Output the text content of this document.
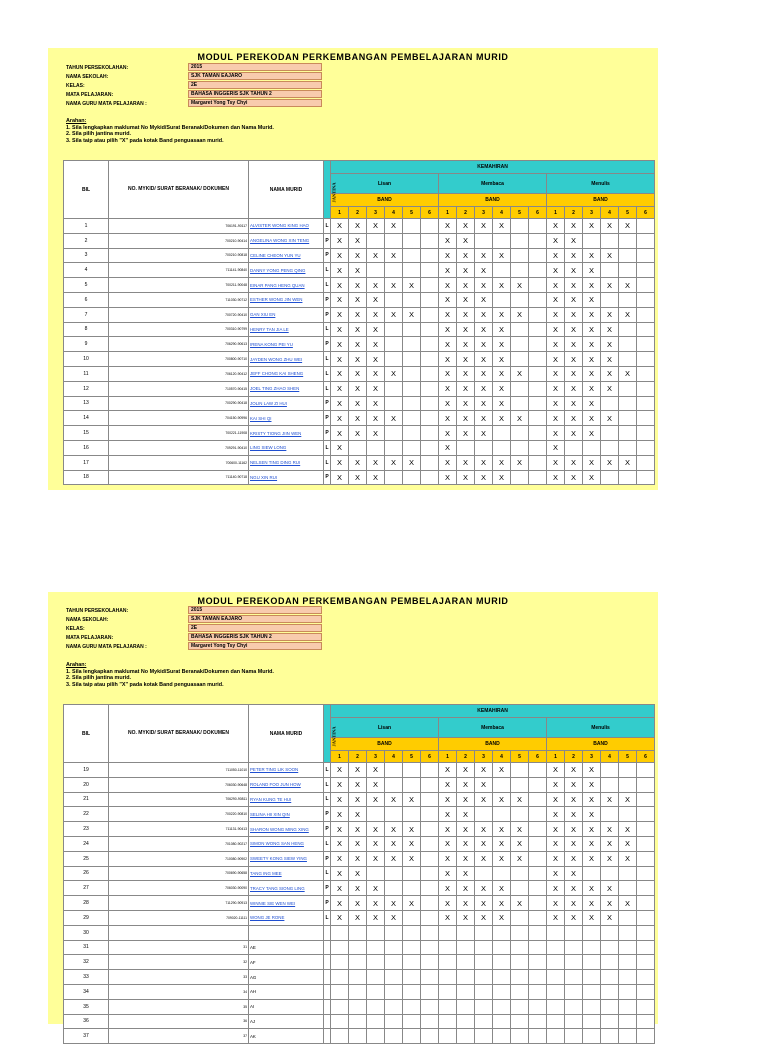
MODUL PEREKODAN PERKEMBANGAN PEMBELAJARAN MURID
TAHUN PERSEKOLAHAN:	2015
NAMA SEKOLAH:	SJK TAMAN EAJARO
KELAS:	2E
MATA PELAJARAN:	BAHASA INGGERIS SJK TAHUN 2
NAMA GURU MATA PELAJARAN :	Margaret Yong Tsy Chyi
Arahan:
1. Sila lengkapkan maklumat No Mykid/Surat Beranak/Dokumen dan Nama Murid.
2. Sila pilih jantina murid.
3. Sila taip atau pilih "X" pada kotak Band penguasaan murid.
BIL	NO. MYKID/ SURAT BERANAK/ DOKUMEN	NAMA MURID	JANTINA	KEMAHIRAN																	
				Lisan						Membaca						Menulis					
				BAND						BAND						BAND					
				1	2	3	4	5	6	1	2	3	4	5	6	1	2	3	4	5	6
1	706191-90117	ALVISTER WONG KING HAO	L	X	X	X	X			X	X	X	X			X	X	X	X	X	
2	700210-90414	ANGELINA WONG XIN TENG	P	X	X					X	X					X	X				
3	700210-90818	CELINE CHEON YUN YU	P	X	X	X	X			X	X	X	X			X	X	X	X		
4	711141-90840	DANNY YONG PENG QING	L	X	X					X	X	X				X	X	X			
5	700211-90048	EINAR PANG HENG QUAN	L	X	X	X	X	X		X	X	X	X	X		X	X	X	X	X	
6	711030-90712	ESTHER WONG JIN WEN	P	X	X	X				X	X	X				X	X	X			
7	700720-90410	GAN XIU EN	P	X	X	X	X	X		X	X	X	X	X		X	X	X	X	X	
8	700310-90799	HENRY TAN JIA LE	L	X	X	X				X	X	X	X			X	X	X	X		
9	706290-90613	IRENA KONG PEI YU	P	X	X	X				X	X	X	X			X	X	X	X		
10	700800-90710	JAYDEN WONG ZHU WEI	L	X	X	X				X	X	X	X			X	X	X	X		
11	706120-90412	JEFF CHONG KAI SHENG	L	X	X	X	X			X	X	X	X	X		X	X	X	X	X	
12	710570-90415	JOEL TING ZHAO SHEN	L	X	X	X				X	X	X	X			X	X	X	X		
13	700290-90418	JOLIN LAW ZI HUI	P	X	X	X				X	X	X	X			X	X	X			
14	704150-90996	KAI SHI QI	P	X	X	X	X			X	X	X	X	X		X	X	X	X		
15	700221-11908	KRISTY TIONG JIIN WEN	P	X	X	X				X	X	X				X	X	X			
16	709291-90410	LING SIEW LONG	L	X						X						X					
17	700600-11162	NELSEN TING DING RUI	L	X	X	X	X	X		X	X	X	X	X		X	X	X	X	X	
18	711140-90718	NGU XIN RUI	P	X	X	X				X	X	X	X			X	X	X			
MODUL PEREKODAN PERKEMBANGAN PEMBELAJARAN MURID
TAHUN PERSEKOLAHAN:	2015
NAMA SEKOLAH:	SJK TAMAN EAJARO
KELAS:	2E
MATA PELAJARAN:	BAHASA INGGERIS SJK TAHUN 2
NAMA GURU MATA PELAJARAN :	Margaret Yong Tsy Chyi
Arahan:
1. Sila lengkapkan maklumat No Mykid/Surat Beranak/Dokumen dan Nama Murid.
2. Sila pilih jantina murid.
3. Sila taip atau pilih "X" pada kotak Band penguasaan murid.
BIL	NO. MYKID/ SURAT BERANAK/ DOKUMEN	NAMA MURID	JANTINA	KEMAHIRAN																	
				Lisan						Membaca						Menulis					
				BAND						BAND						BAND					
				1	2	3	4	5	6	1	2	3	4	5	6	1	2	3	4	5	6
19	711050-11010	PETER TING LIK SOON	L	X	X	X				X	X	X	X			X	X	X			
20	706030-90648	ROLAND FOO JUN HOW	L	X	X	X				X	X	X				X	X	X			
21	706290-90811	RYAN KUNG TE HUI	L	X	X	X	X	X		X	X	X	X	X		X	X	X	X	X	
22	700220-90810	SELINA HII XIN QIN	P	X	X					X	X					X	X	X			
23	711131-90413	SHARON WONG MING XING	P	X	X	X	X	X		X	X	X	X	X		X	X	X	X	X	
24	701080-90217	SIMON WONG SAN HENG	L	X	X	X	X	X		X	X	X	X	X		X	X	X	X	X	
25	710080-90902	SWEETY KONG SIEW YING	P	X	X	X	X	X		X	X	X	X	X		X	X	X	X	X	
26	700690-90658	TANG ING MEE	L	X	X					X	X					X	X				
27	706030-90090	TRACY TANG SIONG LING	P	X	X	X				X	X	X	X			X	X	X	X		
28	711290-90913	WINNIE SIE WEN WEI	P	X	X	X	X	X		X	X	X	X	X		X	X	X	X	X	
29	709020-11111	WONG JE RONE	L	X	X	X	X			X	X	X	X			X	X	X	X		
30																					
31	31	AE																			
32	32	AF																			
33	33	AG																			
34	34	AH																			
35	35	AI																			
36	36	AJ																			
37	37	AK																			
